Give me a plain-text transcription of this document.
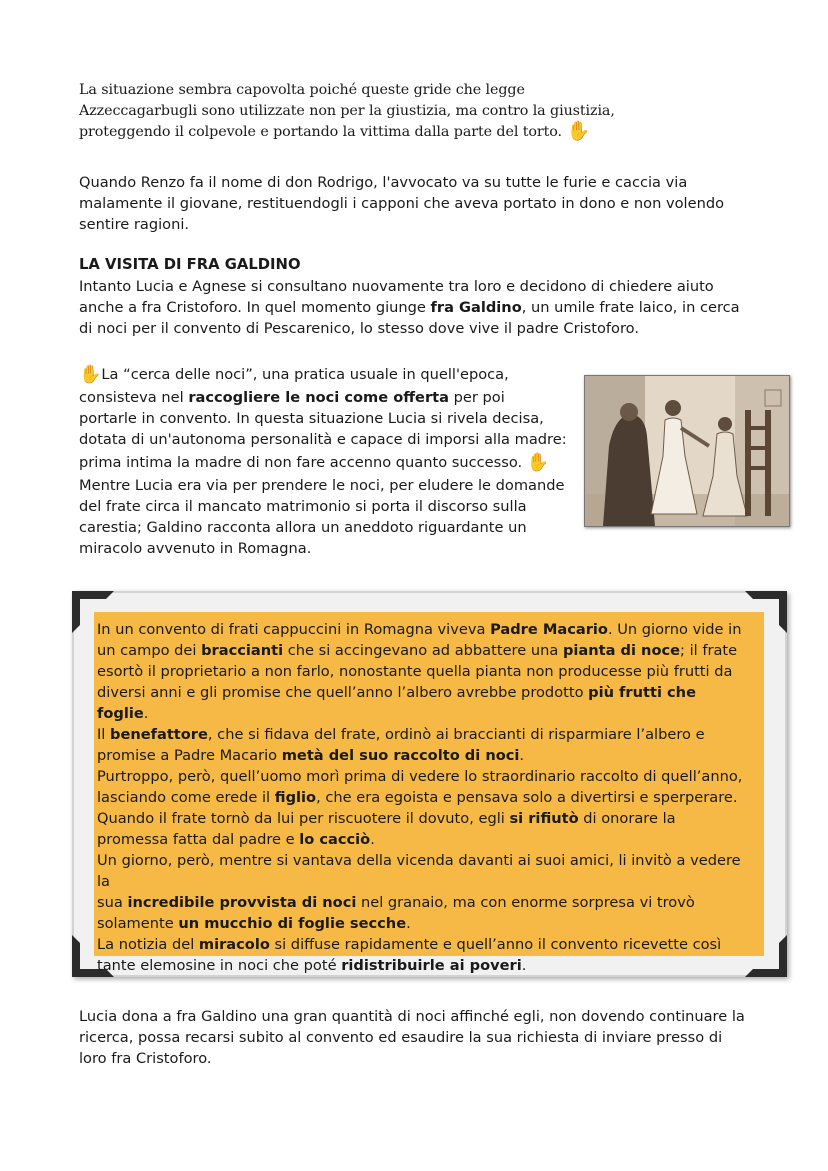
La situazione sembra capovolta poiché queste gride che legge
Azzeccagarbugli sono utilizzate non per la giustizia, ma contro la giustizia,
proteggendo il colpevole e portando la vittima dalla parte del torto. ✋
Quando Renzo fa il nome di don Rodrigo, l'avvocato va su tutte le furie e caccia via
malamente il giovane, restituendogli i capponi che aveva portato in dono e non volendo
sentire ragioni.
LA VISITA DI FRA GALDINO
Intanto Lucia e Agnese si consultano nuovamente tra loro e decidono di chiedere aiuto
anche a fra Cristoforo. In quel momento giunge fra Galdino, un umile frate laico, in cerca
di noci per il convento di Pescarenico, lo stesso dove vive il padre Cristoforo.
✋La “cerca delle noci”, una pratica usuale in quell'epoca,
consisteva nel raccogliere le noci come offerta per poi
portarle in convento. In questa situazione Lucia si rivela decisa,
dotata di un'autonoma personalità e capace di imporsi alla madre:
prima intima la madre di non fare accenno quanto successo. ✋
Mentre Lucia era via per prendere le noci, per eludere le domande
del frate circa il mancato matrimonio si porta il discorso sulla
carestia; Galdino racconta allora un aneddoto riguardante un
miracolo avvenuto in Romagna.

In un convento di frati cappuccini in Romagna viveva Padre Macario. Un giorno vide in

un campo dei braccianti che si accingevano ad abbattere una pianta di noce; il frate

esortò il proprietario a non farlo, nonostante quella pianta non producesse più frutti da

diversi anni e gli promise che quell’anno l’albero avrebbe prodotto più frutti che

foglie.

Il benefattore, che si fidava del frate, ordinò ai braccianti di risparmiare l’albero e

promise a Padre Macario metà del suo raccolto di noci.

Purtroppo, però, quell’uomo morì prima di vedere lo straordinario raccolto di quell’anno,

lasciando come erede il figlio, che era egoista e pensava solo a divertirsi e sperperare.

Quando il frate tornò da lui per riscuotere il dovuto, egli si rifiutò di onorare la

promessa fatta dal padre e lo cacciò.

Un giorno, però, mentre si vantava della vicenda davanti ai suoi amici, li invitò a vedere la

sua incredibile provvista di noci nel granaio, ma con enorme sorpresa vi trovò

solamente un mucchio di foglie secche.

La notizia del miracolo si diffuse rapidamente e quell’anno il convento ricevette così

tante elemosine in noci che poté ridistribuirle ai poveri.

Lucia dona a fra Galdino una gran quantità di noci affinché egli, non dovendo continuare la
ricerca, possa recarsi subito al convento ed esaudire la sua richiesta di inviare presso di
loro fra Cristoforo.
